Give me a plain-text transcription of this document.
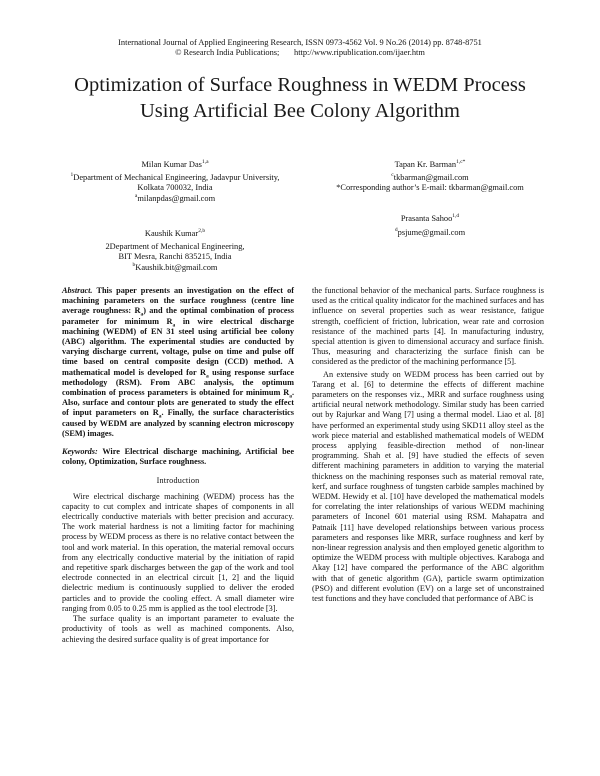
International Journal of Applied Engineering Research, ISSN 0973-4562 Vol. 9 No.26 (2014) pp. 8748-8751
© Research India Publications;       http://www.ripublication.com/ijaer.htm
Optimization of Surface Roughness in WEDM Process
Using Artificial Bee Colony Algorithm
Milan Kumar Das$^{1,a}$
$^1$Department of Mechanical Engineering, Jadavpur University,
Kolkata 700032, India
$^a$milanpdas@gmail.com
Kaushik Kumar$^{2,b}$
2Department of Mechanical Engineering,
BIT Mesra, Ranchi 835215, India
$^b$Kaushik.bit@gmail.com
Tapan Kr. Barman$^{1,c*}$
$^c$tkbarman@gmail.com
*Corresponding author’s E-mail: tkbarman@gmail.com
Prasanta Sahoo$^{1,d}$
$^d$psjume@gmail.com

Abstract. This paper presents an investigation on the effect of machining parameters on the surface roughness (centre line average roughness: $R_a$) and the optimal combination of process parameter for minimum $R_a$ in wire electrical discharge machining (WEDM) of EN 31 steel using artificial bee colony (ABC) algorithm. The experimental studies are conducted by varying discharge current, voltage, pulse on time and pulse off time based on central composite design (CCD) method. A mathematical model is developed for $R_a$ using response surface methodology (RSM). From ABC analysis, the optimum combination of process parameters is obtained for minimum $R_a$. Also, surface and contour plots are generated to study the effect of input parameters on $R_a$. Finally, the surface characteristics caused by WEDM are analyzed by scanning electron microscopy (SEM) images.

Keywords: Wire Electrical discharge machining, Artificial bee colony, Optimization, Surface roughness.

Introduction

Wire electrical discharge machining (WEDM) process has the capacity to cut complex and intricate shapes of components in all electrically conductive materials with better precision and accuracy. The work material hardness is not a limiting factor for machining process by WEDM process as there is no relative contact between the tool and work material. In this operation, the material removal occurs from any electrically conductive material by the initiation of rapid and repetitive spark discharges between the gap of the work and tool electrode connected in an electrical circuit [1, 2] and the liquid dielectric medium is continuously supplied to deliver the eroded particles and to provide the cooling effect. A small diameter wire ranging from 0.05 to 0.25 mm is applied as the tool electrode [3].

The surface quality is an important parameter to evaluate the productivity of tools as well as machined components. Also, achieving the desired surface quality is of great importance for

the functional behavior of the mechanical parts. Surface roughness is used as the critical quality indicator for the machined surfaces and has influence on several properties such as wear resistance, fatigue strength, coefficient of friction, lubrication, wear rate and corrosion resistance of the machined parts [4]. In manufacturing industry, special attention is given to dimensional accuracy and surface finish. Thus, measuring and characterizing the surface finish can be considered as the predictor of the machining performance [5].

An extensive study on WEDM process has been carried out by Tarang et al. [6] to determine the effects of different machine parameters on the responses viz., MRR and surface roughness using artificial neural network methodology. Similar study has been carried out by Rajurkar and Wang [7] using a thermal model. Liao et al. [8] have performed an experimental study using SKD11 alloy steel as the work piece material and established mathematical models of WEDM process applying feasible-direction method of non-linear programming. Shah et al. [9] have studied the effects of seven different machining parameters in addition to varying the material thickness on the machining responses such as material removal rate, kerf, and surface roughness of tungsten carbide samples machined by WEDM. Hewidy et al. [10] have developed the mathematical models for correlating the inter relationships of various WEDM machining parameters of Inconel 601 material using RSM. Mahapatra and Patnaik [11] have developed relationships between various process parameters and responses like MRR, surface roughness and kerf by non-linear regression analysis and then employed genetic algorithm to optimize the WEDM process with multiple objectives. Karaboga and Akay [12] have compared the performance of the ABC algorithm with that of genetic algorithm (GA), particle swarm optimization (PSO) and different evolution (EV) on a large set of unconstrained test functions and they have concluded that performance of ABC is
